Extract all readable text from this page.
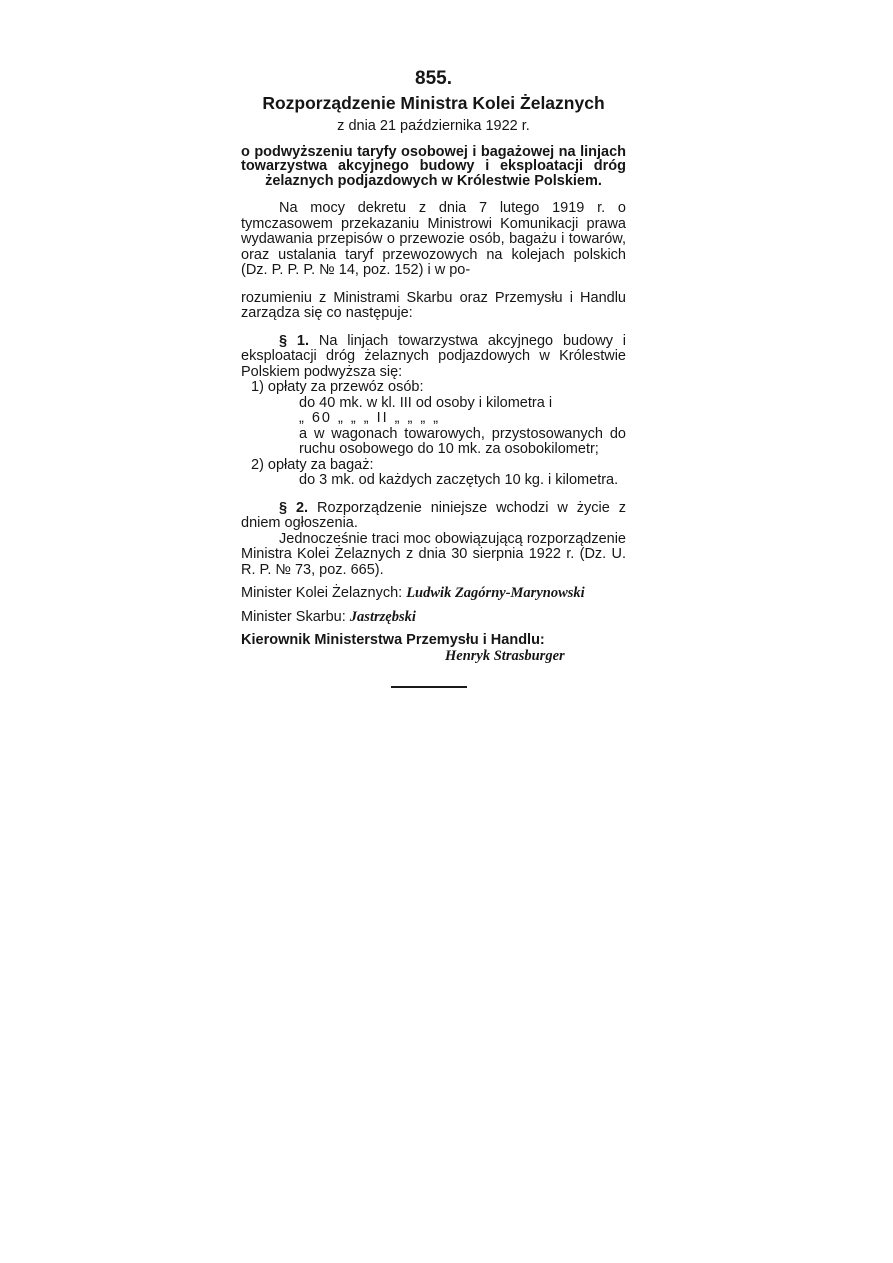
855.
Rozporządzenie Ministra Kolei Żelaznych
z dnia 21 października 1922 r.
o podwyższeniu taryfy osobowej i bagażowej na linjach towarzystwa akcyjnego budowy i eksploatacji dróg żelaznych podjazdowych w Królestwie Polskiem.
Na mocy dekretu z dnia 7 lutego 1919 r. o tymczasowem przekazaniu Ministrowi Komunikacji prawa wydawania przepisów o przewozie osób, bagażu i towarów, oraz ustalania taryf przewozowych na kolejach polskich (Dz. P. P. P. № 14, poz. 152) i w po-
rozumieniu z Ministrami Skarbu oraz Przemysłu i Handlu zarządza się co następuje:
§ 1. Na linjach towarzystwa akcyjnego budowy i eksploatacji dróg żelaznych podjazdowych w Królestwie Polskiem podwyższa się:
1) opłaty za przewóz osób:
do 40 mk. w kl. III od osoby i kilometra i
„ 60 „ „ „ II „ „ „ „
a w wagonach towarowych, przystosowanych do ruchu osobowego do 10 mk. za osobokilometr;
2) opłaty za bagaż:
do 3 mk. od każdych zaczętych 10 kg. i kilometra.
§ 2. Rozporządzenie niniejsze wchodzi w życie z dniem ogłoszenia.
Jednocześnie traci moc obowiązującą rozporządzenie Ministra Kolei Żelaznych z dnia 30 sierpnia 1922 r. (Dz. U. R. P. № 73, poz. 665).
Minister Kolei Żelaznych: Ludwik Zagórny-Marynowski
Minister Skarbu: Jastrzębski
Kierownik Ministerstwa Przemysłu i Handlu:
Henryk Strasburger
